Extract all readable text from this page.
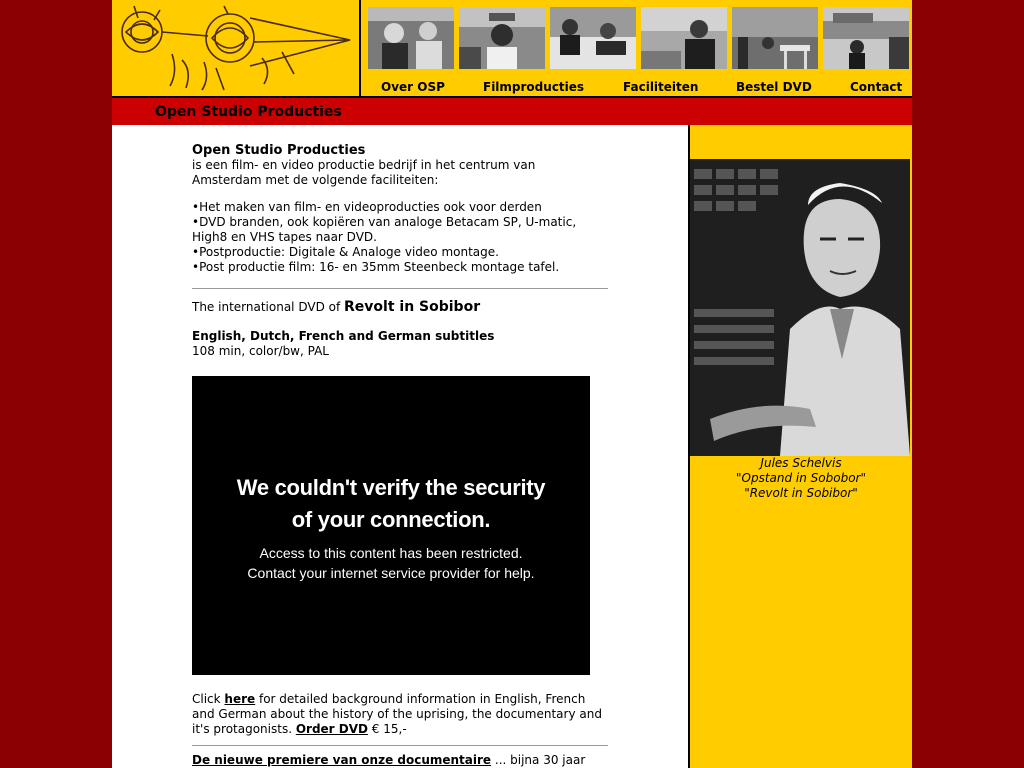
Over OSP	Filmproducties	Faciliteiten	Bestel DVD	Contact
Open Studio Producties

Open Studio Producties

is een film- en video productie bedrijf in het centrum van Amsterdam met de volgende faciliteiten:

•Het maken van film- en videoproducties ook voor derden
•DVD branden, ook kopiëren van analoge Betacam SP, U-matic, High8 en VHS tapes naar DVD.
•Postproductie: Digitale & Analoge video montage.
•Post productie film: 16- en 35mm Steenbeck montage tafel.

The international DVD of Revolt in Sobibor

English, Dutch, French and German subtitles

108 min, color/bw, PAL

We couldn't verify the security
of your connection.
Access to this content has been restricted.
Contact your internet service provider for help.

Click here for detailed background information in English, French and German about the history of the uprising, the documentary and it's protagonists. Order DVD € 15,-

De nieuwe premiere van onze documentaire ... bijna 30 jaar

Jules Schelvis
"Opstand in Sobobor"
"Revolt in Sobibor"
